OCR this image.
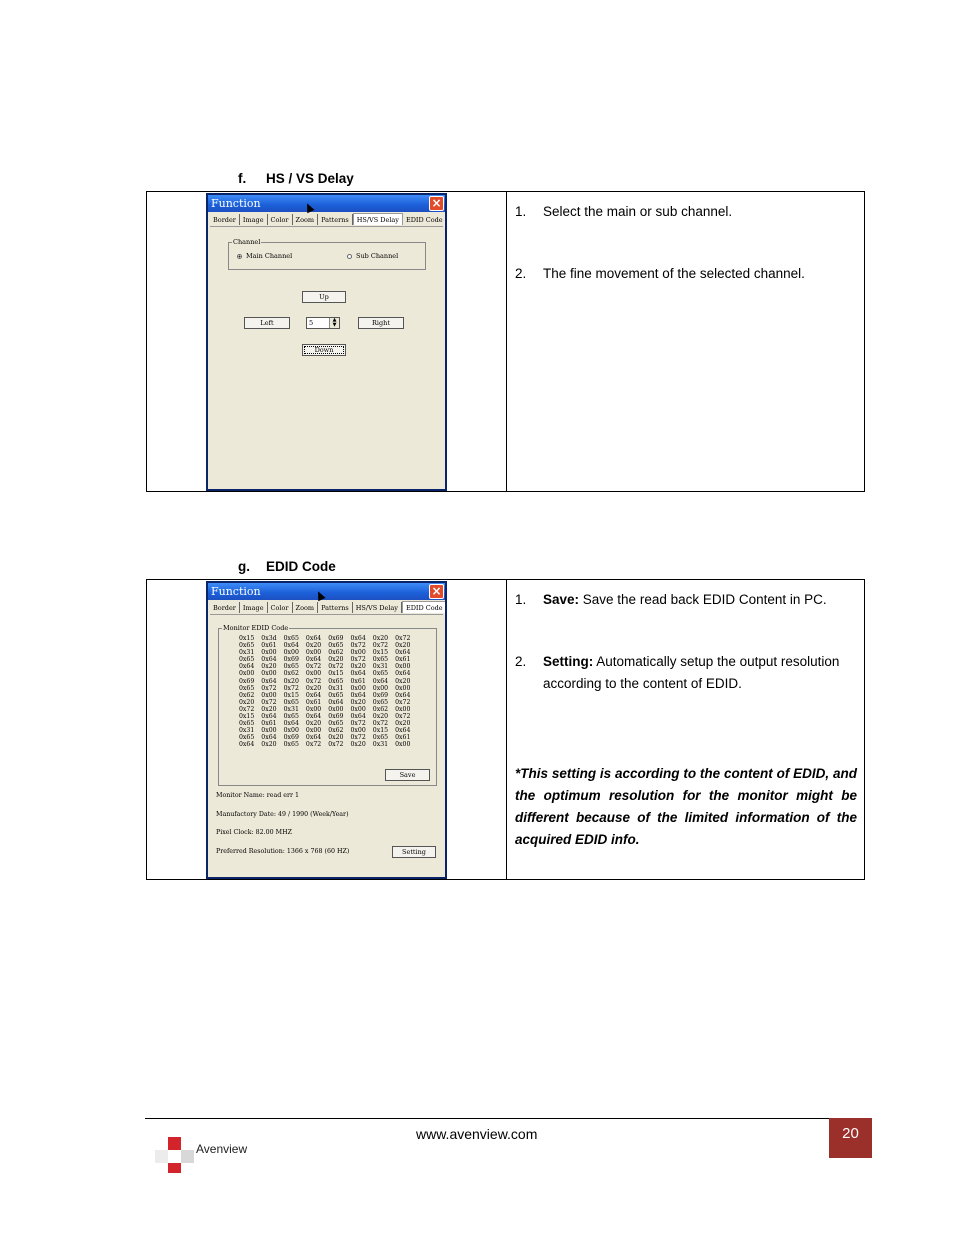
f. HS / VS Delay
Function	×
Border Image Color Zoom Patterns HS/VS Delay EDID Code
Channel
Main Channel	Sub Channel
Up
Left	5	▲
▼	Right
Down

1.	Select the main or sub channel.
2.	The fine movement of the selected channel.
g. EDID Code
Function	×
Border Image Color Zoom Patterns HS/VS Delay EDID Code
Monitor EDID Code
0x15 0x3d 0x65 0x64 0x69 0x64 0x20 0x72
0x65 0x61 0x64 0x20 0x65 0x72 0x72 0x20
0x31 0x00 0x00 0x00 0x62 0x00 0x15 0x64
0x65 0x64 0x69 0x64 0x20 0x72 0x65 0x61
0x64 0x20 0x65 0x72 0x72 0x20 0x31 0x00
0x00 0x00 0x62 0x00 0x15 0x64 0x65 0x64
0x69 0x64 0x20 0x72 0x65 0x61 0x64 0x20
0x65 0x72 0x72 0x20 0x31 0x00 0x00 0x00
0x62 0x00 0x15 0x64 0x65 0x64 0x69 0x64
0x20 0x72 0x65 0x61 0x64 0x20 0x65 0x72
0x72 0x20 0x31 0x00 0x00 0x00 0x62 0x00
0x15 0x64 0x65 0x64 0x69 0x64 0x20 0x72
0x65 0x61 0x64 0x20 0x65 0x72 0x72 0x20
0x31 0x00 0x00 0x00 0x62 0x00 0x15 0x64
0x65 0x64 0x69 0x64 0x20 0x72 0x65 0x61
0x64 0x20 0x65 0x72 0x72 0x20 0x31 0x00
Save
Monitor Name: read err 1
Manufactory Date: 49 / 1990 (Week/Year)
Pixel Clock: 82.00 MHZ
Preferred Resolution: 1366 x 768 (60 HZ)	Setting

1.	Save: Save the read back EDID Content in PC.
2.	Setting: Automatically setup the output resolution according to the content of EDID.
*This setting is according to the content of EDID, and the optimum resolution for the monitor might be different because of the limited information of the acquired EDID info.
www.avenview.com	20
Avenview
